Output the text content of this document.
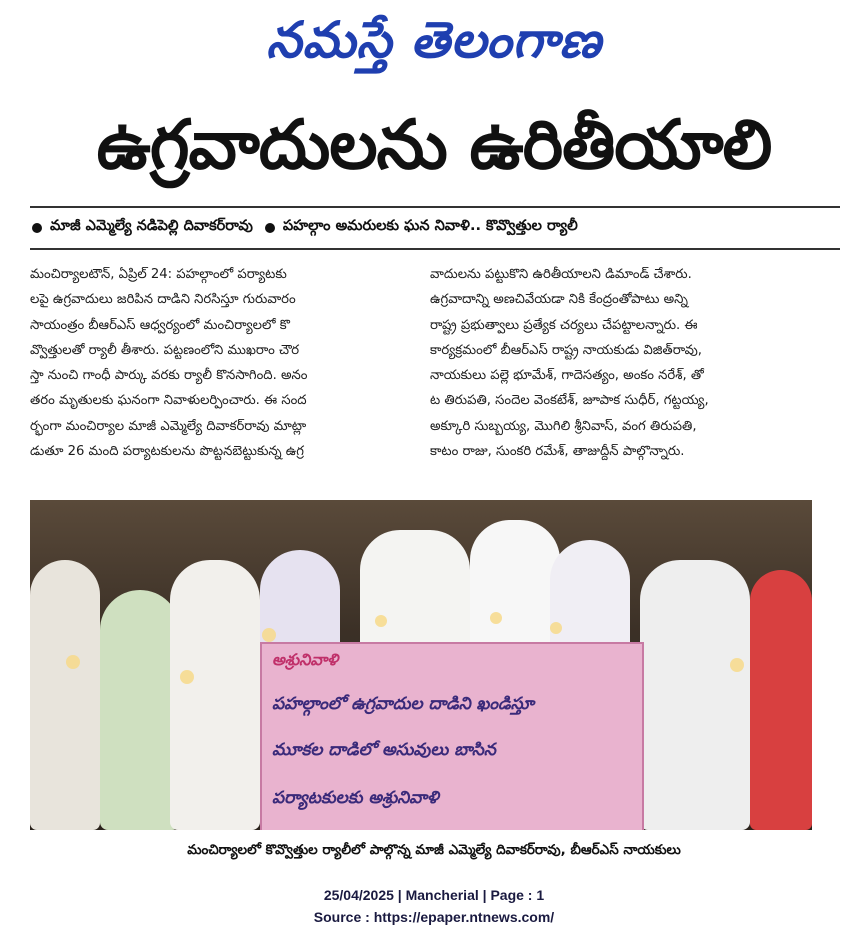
నమస్తే తెలంగాణ
ఉగ్రవాదులను ఉరితీయాలి
మాజీ ఎమ్మెల్యే నడిపెల్లి దివాకర్‌రావు పహల్గాం అమరులకు ఘన నివాళి.. కొవ్వొత్తుల ర్యాలీ
మంచిర్యాలటౌన్‌, ఏప్రిల్‌ 24: పహల్గాంలో పర్యాటకు
లపై ఉగ్రవాదులు జరిపిన దాడిని నిరసిస్తూ గురువారం
సాయంత్రం బీఆర్‌ఎస్‌ ఆధ్వర్యంలో మంచిర్యాలలో కొ
వ్వొత్తులతో ర్యాలీ తీశారు. పట్టణంలోని ముఖరాం చౌర
స్తా నుంచి గాంధీ పార్కు వరకు ర్యాలీ కొనసాగింది. అనం
తరం మృతులకు ఘనంగా నివాళులర్పించారు. ఈ సంద
ర్భంగా మంచిర్యాల మాజీ ఎమ్మెల్యే దివాకర్‌రావు మాట్లా
డుతూ 26 మంది పర్యాటకులను పొట్టనబెట్టుకున్న ఉగ్ర
వాదులను పట్టుకొని ఉరితీయాలని డిమాండ్‌ చేశారు.
ఉగ్రవాదాన్ని అణచివేయడా నికి కేంద్రంతోపాటు అన్ని
రాష్ట్ర ప్రభుత్వాలు ప్రత్యేక చర్యలు చేపట్టాలన్నారు. ఈ
కార్యక్రమంలో బీఆర్‌ఎస్‌ రాష్ట్ర నాయకుడు విజిత్‌రావు,
నాయకులు పల్లె భూమేశ్‌, గాదెసత్యం, అంకం నరేశ్‌, తో
ట తిరుపతి, సందెల వెంకటేశ్‌, జూపాక సుధీర్‌, గట్టయ్య,
అక్కూరి సుబ్బయ్య, మొగిలి శ్రీనివాస్‌, వంగ తిరుపతి,
కాటం రాజు, సుంకరి రమేశ్‌, తాజుద్దీన్‌ పాల్గొన్నారు.
అశ్రునివాళి
పహల్గాంలో ఉగ్రవాదుల దాడిని ఖండిస్తూ
మూకల దాడిలో అసువులు బాసిన
పర్యాటకులకు అశ్రునివాళి
మంచిర్యాలలో కొవ్వొత్తుల ర్యాలీలో పాల్గొన్న మాజీ ఎమ్మెల్యే దివాకర్‌రావు, బీఆర్‌ఎస్‌ నాయకులు
25/04/2025 | Mancherial | Page : 1
Source : https://epaper.ntnews.com/
